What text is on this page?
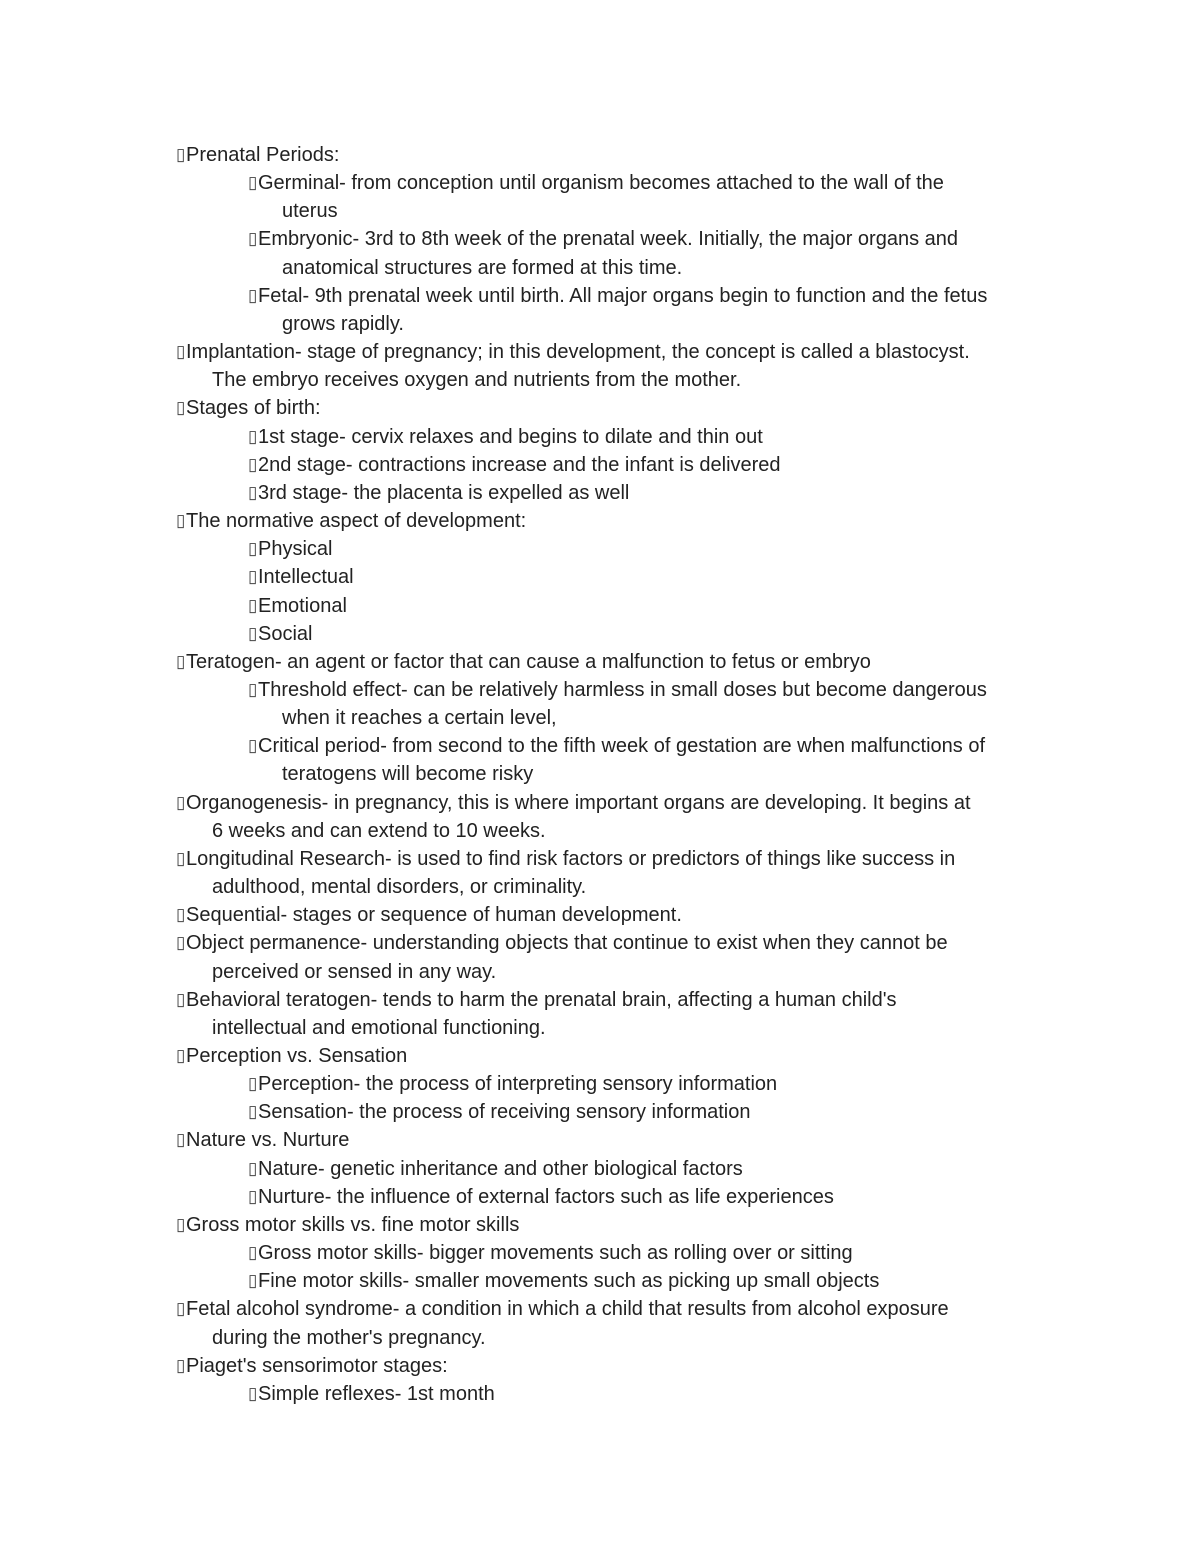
▯Prenatal Periods:
▯Germinal- from conception until organism becomes attached to the wall of the
uterus
▯Embryonic- 3rd to 8th week of the prenatal week. Initially, the major organs and
anatomical structures are formed at this time.
▯Fetal- 9th prenatal week until birth. All major organs begin to function and the fetus
grows rapidly.
▯Implantation- stage of pregnancy; in this development, the concept is called a blastocyst.
The embryo receives oxygen and nutrients from the mother.
▯Stages of birth:
▯1st stage- cervix relaxes and begins to dilate and thin out
▯2nd stage- contractions increase and the infant is delivered
▯3rd stage- the placenta is expelled as well
▯The normative aspect of development:
▯Physical
▯Intellectual
▯Emotional
▯Social
▯Teratogen- an agent or factor that can cause a malfunction to fetus or embryo
▯Threshold effect- can be relatively harmless in small doses but become dangerous
when it reaches a certain level,
▯Critical period- from second to the fifth week of gestation are when malfunctions of
teratogens will become risky
▯Organogenesis- in pregnancy, this is where important organs are developing. It begins at
6 weeks and can extend to 10 weeks.
▯Longitudinal Research- is used to find risk factors or predictors of things like success in
adulthood, mental disorders, or criminality.
▯Sequential- stages or sequence of human development.
▯Object permanence- understanding objects that continue to exist when they cannot be
perceived or sensed in any way.
▯Behavioral teratogen- tends to harm the prenatal brain, affecting a human child's
intellectual and emotional functioning.
▯Perception vs. Sensation
▯Perception- the process of interpreting sensory information
▯Sensation- the process of receiving sensory information
▯Nature vs. Nurture
▯Nature- genetic inheritance and other biological factors
▯Nurture- the influence of external factors such as life experiences
▯Gross motor skills vs. fine motor skills
▯Gross motor skills- bigger movements such as rolling over or sitting
▯Fine motor skills- smaller movements such as picking up small objects
▯Fetal alcohol syndrome- a condition in which a child that results from alcohol exposure
during the mother's pregnancy.
▯Piaget's sensorimotor stages:
▯Simple reflexes- 1st month
